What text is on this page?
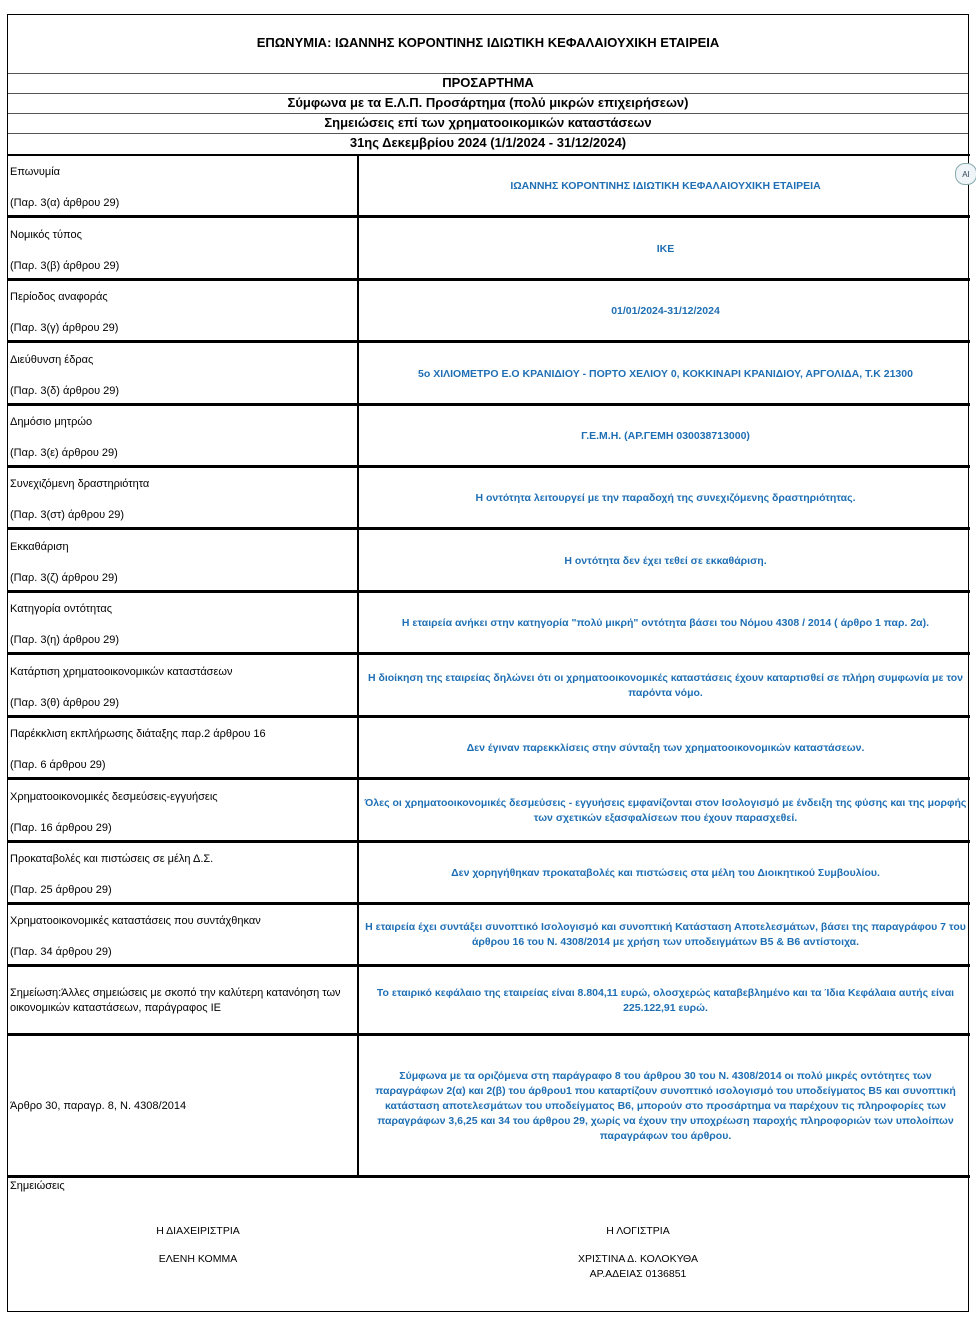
ΕΠΩΝΥΜΙΑ: ΙΩΑΝΝΗΣ ΚΟΡΟΝΤΙΝΗΣ ΙΔΙΩΤΙΚΗ ΚΕΦΑΛΑΙΟΥΧΙΚΗ ΕΤΑΙΡΕΙΑ
ΠΡΟΣΑΡΤΗΜΑ
Σύμφωνα με τα Ε.Λ.Π. Προσάρτημα (πολύ μικρών επιχειρήσεων)
Σημειώσεις επί των χρηματοοικομικών καταστάσεων
31ης Δεκεμβρίου 2024 (1/1/2024 - 31/12/2024)
Επωνυμία
(Παρ. 3(α) άρθρου 29)
ΙΩΑΝΝΗΣ ΚΟΡΟΝΤΙΝΗΣ ΙΔΙΩΤΙΚΗ ΚΕΦΑΛΑΙΟΥΧΙΚΗ ΕΤΑΙΡΕΙΑ
Νομικός τύπος
(Παρ. 3(β) άρθρου 29)
ΙΚΕ
Περίοδος αναφοράς
(Παρ. 3(γ) άρθρου 29)
01/01/2024-31/12/2024
Διεύθυνση έδρας
(Παρ. 3(δ) άρθρου 29)
5ο ΧΙΛΙΟΜΕΤΡΟ Ε.Ο ΚΡΑΝΙΔΙΟΥ - ΠΟΡΤΟ ΧΕΛΙΟΥ 0, ΚΟΚΚΙΝΑΡΙ ΚΡΑΝΙΔΙΟΥ, ΑΡΓΟΛΙΔΑ, Τ.Κ 21300
Δημόσιο μητρώο
(Παρ. 3(ε) άρθρου 29)
Γ.Ε.Μ.Η. (ΑΡ.ΓΕΜΗ 030038713000)
Συνεχιζόμενη δραστηριότητα
(Παρ. 3(στ) άρθρου 29)
Η οντότητα λειτουργεί με την παραδοχή της συνεχιζόμενης δραστηριότητας.
Εκκαθάριση
(Παρ. 3(ζ) άρθρου 29)
Η οντότητα δεν έχει τεθεί σε εκκαθάριση.
Κατηγορία οντότητας
(Παρ. 3(η) άρθρου 29)
Η εταιρεία ανήκει στην κατηγορία "πολύ μικρή" οντότητα βάσει του Νόμου 4308 / 2014 ( άρθρο 1 παρ. 2α).
Κατάρτιση χρηματοοικονομικών καταστάσεων
(Παρ. 3(θ) άρθρου 29)
Η διοίκηση της εταιρείας δηλώνει ότι οι χρηματοοικονομικές καταστάσεις έχουν καταρτισθεί σε πλήρη συμφωνία με τον παρόντα νόμο.
Παρέκκλιση εκπλήρωσης διάταξης παρ.2 άρθρου 16
(Παρ. 6 άρθρου 29)
Δεν έγιναν παρεκκλίσεις στην σύνταξη των χρηματοοικονομικών καταστάσεων.
Χρηματοοικονομικές δεσμεύσεις-εγγυήσεις
(Παρ. 16 άρθρου 29)
Όλες οι χρηματοοικονομικές δεσμεύσεις - εγγυήσεις εμφανίζονται στον Ισολογισμό με ένδειξη της φύσης και της μορφής των σχετικών εξασφαλίσεων που έχουν παρασχεθεί.
Προκαταβολές και πιστώσεις σε μέλη Δ.Σ.
(Παρ. 25 άρθρου 29)
Δεν χορηγήθηκαν προκαταβολές και πιστώσεις στα μέλη του Διοικητικού Συμβουλίου.
Χρηματοοικονομικές καταστάσεις που συντάχθηκαν
(Παρ. 34 άρθρου 29)
Η εταιρεία έχει συντάξει συνοπτικό Ισολογισμό και συνοπτική Κατάσταση Αποτελεσμάτων, βάσει της παραγράφου 7 του άρθρου 16 του Ν. 4308/2014 με χρήση των υποδειγμάτων Β5 & Β6 αντίστοιχα.
Σημείωση:Άλλες σημειώσεις με σκοπό την καλύτερη κατανόηση των οικονομικών καταστάσεων, παράγραφος ΙΕ
Το εταιρικό κεφάλαιο της εταιρείας είναι 8.804,11 ευρώ, ολοσχερώς καταβεβλημένο και τα Ίδια Κεφάλαια αυτής είναι 225.122,91 ευρώ.
Άρθρο 30, παραγρ. 8, Ν. 4308/2014
Σύμφωνα με τα οριζόμενα στη παράγραφο 8 του άρθρου 30 του Ν. 4308/2014 οι πολύ μικρές οντότητες των παραγράφων 2(α) και 2(β) του άρθρου1 που καταρτίζουν συνοπτικό ισολογισμό του υποδείγματος Β5 και συνοπτική κατάσταση αποτελεσμάτων του υποδείγματος Β6, μπορούν στο προσάρτημα να παρέχουν τις πληροφορίες των παραγράφων 3,6,25 και 34 του άρθρου 29, χωρίς να έχουν την υποχρέωση παροχής πληροφοριών των υπολοίπων παραγράφων του άρθρου.
Σημειώσεις
Η ΔΙΑΧΕΙΡΙΣΤΡΙΑ
ΕΛΕΝΗ ΚΟΜΜΑ
Η ΛΟΓΙΣΤΡΙΑ
ΧΡΙΣΤΙΝΑ Δ. ΚΟΛΟΚΥΘΑ
ΑΡ.ΑΔΕΙΑΣ 0136851
AI
